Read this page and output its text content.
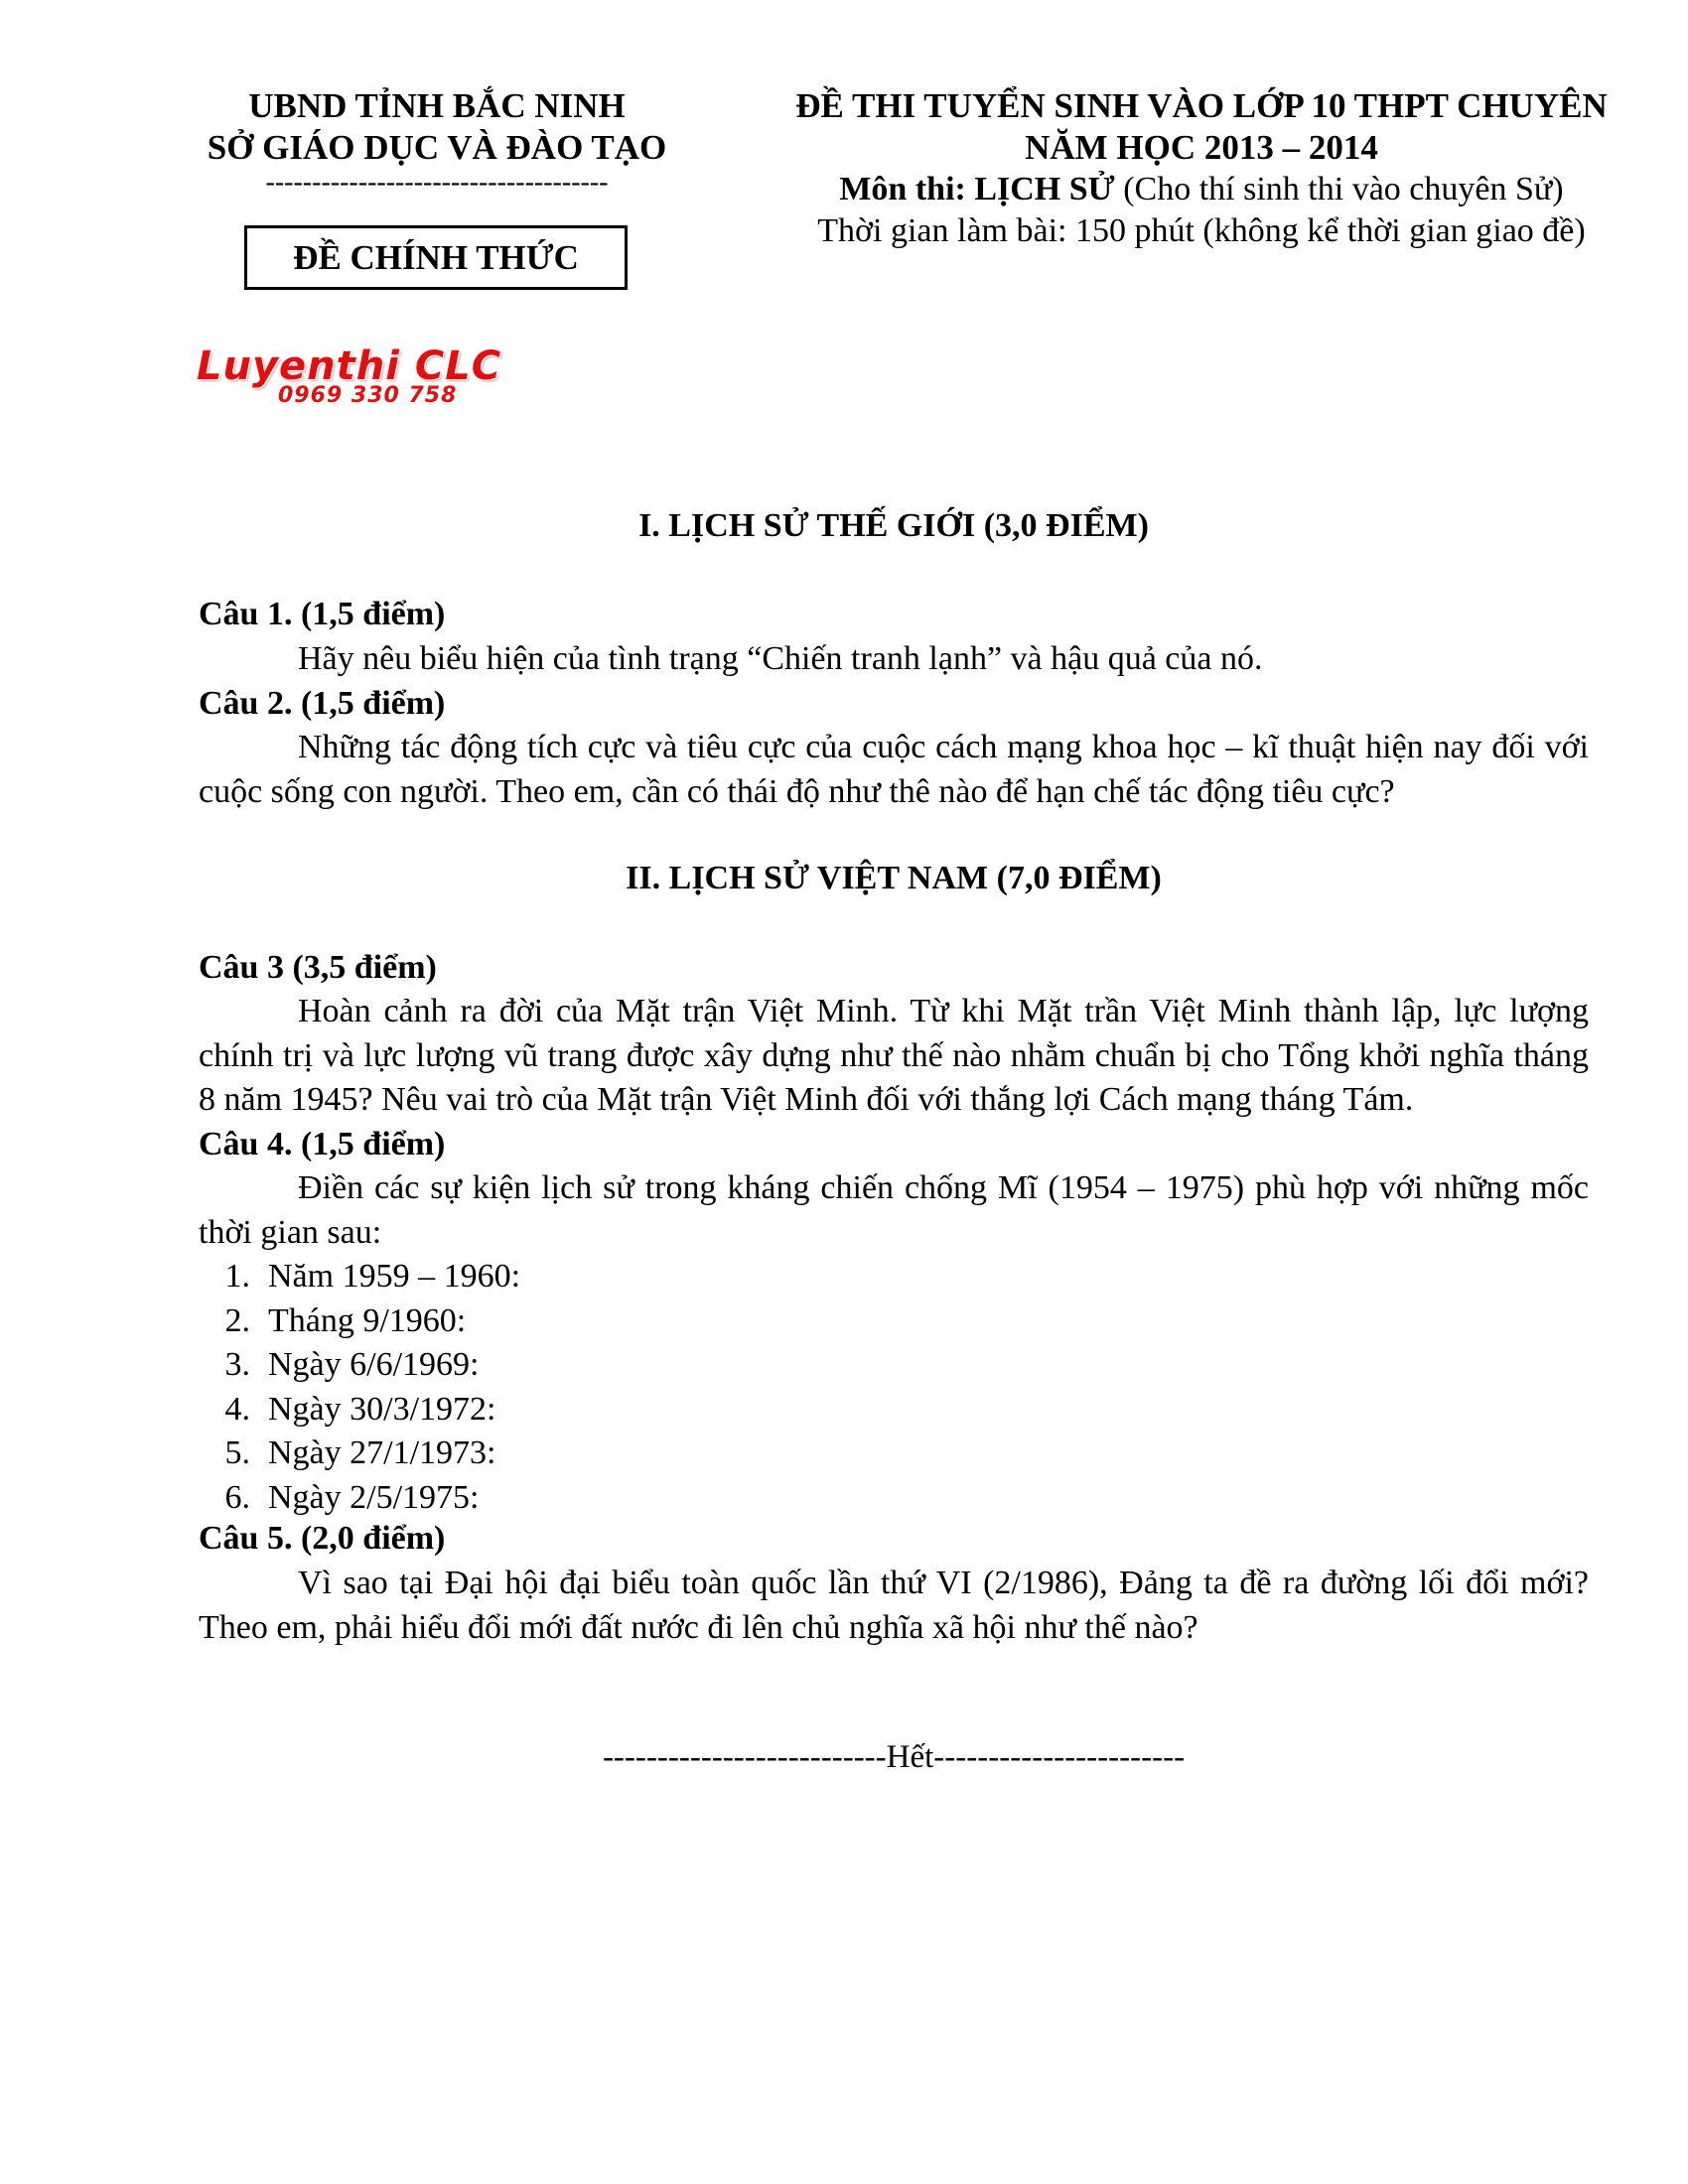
UBND TỈNH BẮC NINH
SỞ GIÁO DỤC VÀ ĐÀO TẠO
-------------------------------------
ĐỀ CHÍNH THỨC
ĐỀ THI TUYỂN SINH VÀO LỚP 10 THPT CHUYÊN
NĂM HỌC 2013 – 2014
Môn thi: LỊCH SỬ (Cho thí sinh thi vào chuyên Sử)
Thời gian làm bài: 150 phút (không kể thời gian giao đề)
Luyenthi CLC
0969 330 758
I. LỊCH SỬ THẾ GIỚI (3,0 ĐIỂM)
Câu 1. (1,5 điểm)
Hãy nêu biểu hiện của tình trạng “Chiến tranh lạnh” và hậu quả của nó.
Câu 2. (1,5 điểm)
Những tác động tích cực và tiêu cực của cuộc cách mạng khoa học – kĩ thuật hiện nay đối với cuộc sống con người. Theo em, cần có thái độ như thê nào để hạn chế tác động tiêu cực?
II. LỊCH SỬ VIỆT NAM (7,0 ĐIỂM)
Câu 3 (3,5 điểm)
Hoàn cảnh ra đời của Mặt trận Việt Minh. Từ khi Mặt trần Việt Minh thành lập, lực lượng chính trị và lực lượng vũ trang được xây dựng như thế nào nhằm chuẩn bị cho Tổng khởi nghĩa tháng 8 năm 1945? Nêu vai trò của Mặt trận Việt Minh đối với thắng lợi Cách mạng tháng Tám.
Câu 4. (1,5 điểm)
Điền các sự kiện lịch sử trong kháng chiến chống Mĩ (1954 – 1975) phù hợp với những mốc thời gian sau:
1. Năm 1959 – 1960:
2. Tháng 9/1960:
3. Ngày 6/6/1969:
4. Ngày 30/3/1972:
5. Ngày 27/1/1973:
6. Ngày 2/5/1975:
Câu 5. (2,0 điểm)
Vì sao tại Đại hội đại biểu toàn quốc lần thứ VI (2/1986), Đảng ta đề ra đường lối đổi mới? Theo em, phải hiểu đổi mới đất nước đi lên chủ nghĩa xã hội như thế nào?
--------------------------Hết-----------------------
